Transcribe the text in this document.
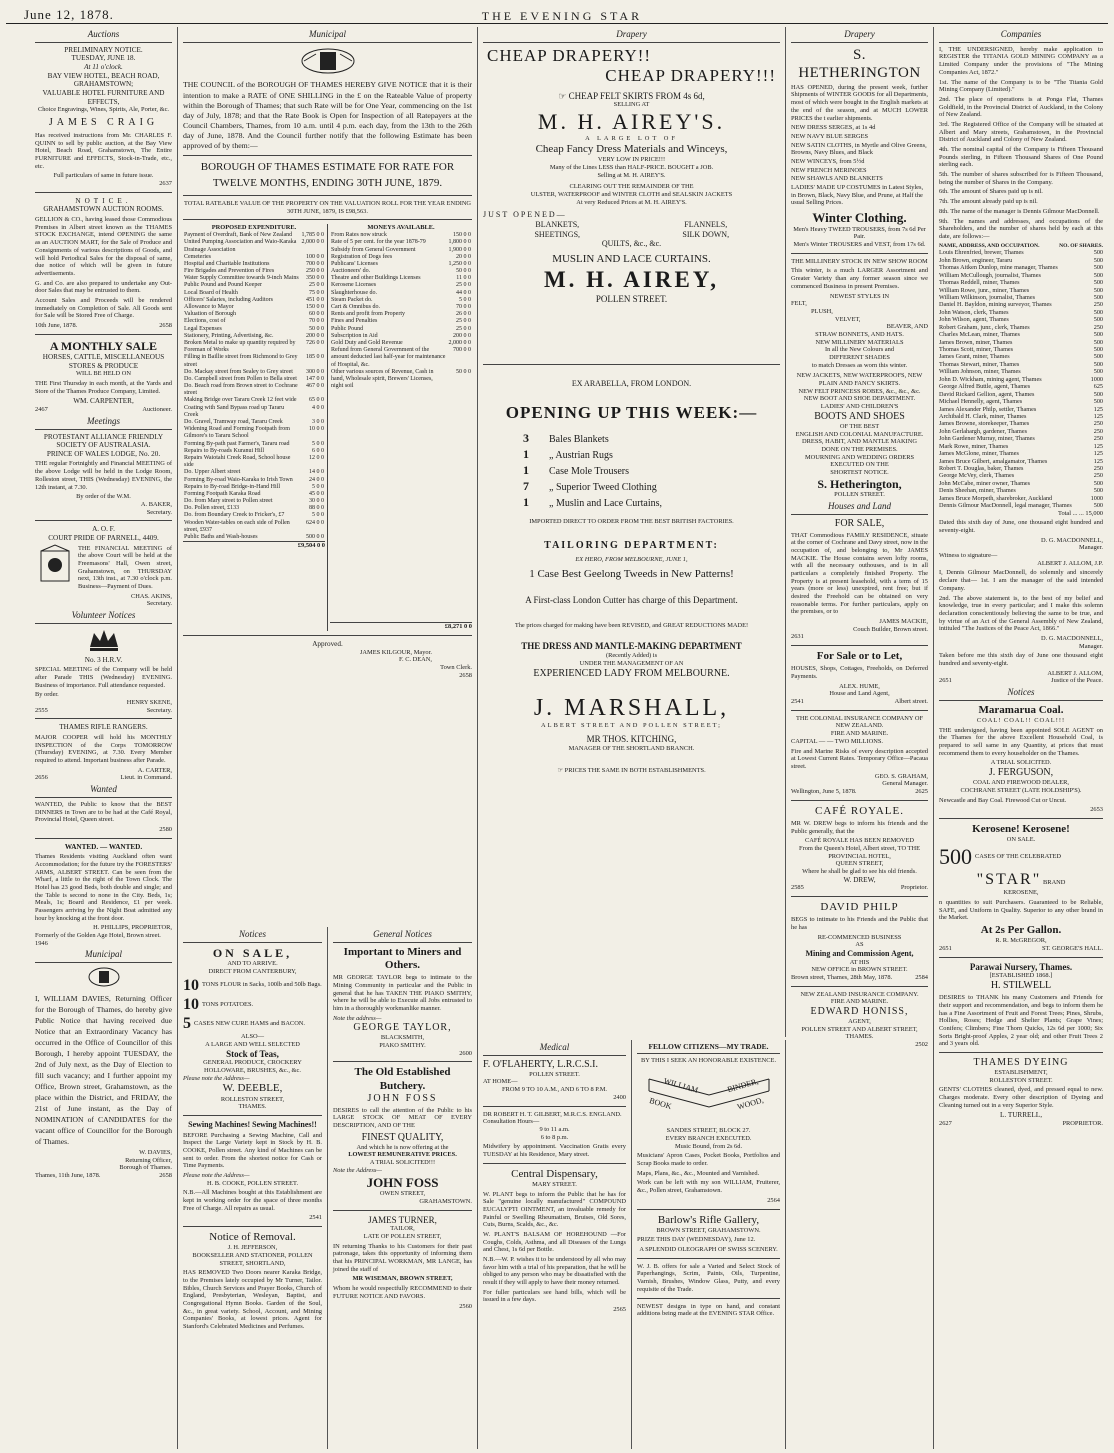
June 12, 1878.	THE EVENING STAR
Auctions
PRELIMINARY NOTICE.
TUESDAY, JUNE 18.
At 11 o'clock.
BAY VIEW HOTEL, BEACH ROAD, GRAHAMSTOWN;
VALUABLE HOTEL FURNITURE AND EFFECTS,
Choice Engravings, Wines, Spirits, Ale, Porter, &c.
JAMES CRAIG
Has received instructions from Mr. CHARLES F. QUINN to sell by public auction, at the Bay View Hotel, Beach Road, Grahamstown, The Entire FURNITURE and EFFECTS, Stock-in-Trade, etc., etc.
Full particulars of same in future issue.
2637
NOTICE.
GRAHAMSTOWN AUCTION ROOMS.
GELLION & CO., having leased those Commodious Premises in Albert street known as the THAMES STOCK EXCHANGE, intend OPENING the same as an AUCTION MART, for the Sale of Produce and Consignments of various descriptions of Goods, and will hold Periodical Sales for the disposal of same, due notice of which will be given in future advertisements.
G. and Co. are also prepared to undertake any Out-door Sales that may be entrusted to them.
Account Sales and Proceeds will be rendered immediately on Completion of Sale. All Goods sent for Sale will be Stored Free of Charge.
10th June, 1878.	2658
A MONTHLY SALE
HORSES, CATTLE, MISCELLANEOUS STORES & PRODUCE
WILL BE HELD ON
THE First Thursday in each month, at the Yards and Store of the Thames Produce Company, Limited.
WM. CARPENTER,
2467	Auctioneer.
Meetings
PROTESTANT ALLIANCE FRIENDLY SOCIETY OF AUSTRALASIA.
PRINCE OF WALES LODGE, No. 20.
THE regular Fortnightly and Financial MEETING of the above Lodge will be held in the Lodge Room, Rolleston street, THIS (Wednesday) EVENING, the 12th instant, at 7.30.
By order of the W.M.
A. BAKER,
Secretary.
A. O. F.
COURT PRIDE OF PARNELL, 4409.
THE FINANCIAL MEETING of the above Court will be held at the Freemasons' Hall, Owen street, Grahamstown, on THURSDAY next, 13th inst., at 7.30 o'clock p.m. Business—Payment of Dues.
CHAS. AKINS,
Secretary.
Volunteer Notices
No. 3 H.R.V.
SPECIAL MEETING of the Company will be held after Parade THIS (Wednesday) EVENING. Business of importance. Full attendance requested.
By order.
HENRY SKENE,
2555	Secretary.
THAMES RIFLE RANGERS.
MAJOR COOPER will hold his MONTHLY INSPECTION of the Corps TOMORROW (Thursday) EVENING, at 7.30. Every Member required to attend. Important business after Parade.
A. CARTER,
2656	Lieut. in Command.
Wanted
WANTED, the Public to know that the BEST DINNERS in Town are to be had at the Café Royal, Provincial Hotel, Queen street.
2580
WANTED. — WANTED.
Thames Residents visiting Auckland often want Accommodation; for the future try the FORESTERS' ARMS, ALBERT STREET. Can be seen from the Wharf, a little to the right of the Town Clock. The Hotel has 23 good Beds, both double and single; and the Table is second to none in the City. Beds, 1s; Meals, 1s; Board and Residence, £1 per week. Passengers arriving by the Night Boat admitted any hour by knocking at the front door.
H. PHILLIPS, PROPRIETOR,
Formerly of the Golden Age Hotel, Brown street.
1946
Municipal
I, WILLIAM DAVIES, Returning Officer for the Borough of Thames, do hereby give Public Notice that having received due Notice that an Extraordinary Vacancy has occurred in the Office of Councillor of this Borough, I hereby appoint TUESDAY, the 2nd of July next, as the Day of Election to fill such vacancy; and I further appoint my Office, Brown street, Grahamstown, as the place within the District, and FRIDAY, the 21st of June instant, as the Day of NOMINATION of CANDIDATES for the vacant office of Councillor for the Borough of Thames.
W. DAVIES,
Returning Officer,
Borough of Thames.
Thames, 11th June, 1878.	2658
Municipal
THE COUNCIL of the BOROUGH OF THAMES HEREBY GIVE NOTICE that it is their intention to make a RATE of ONE SHILLING in the £ on the Rateable Value of property within the Borough of Thames; that such Rate will be for One Year, commencing on the 1st day of July, 1878; and that the Rate Book is Open for Inspection of all Ratepayers at the Council Chambers, Thames, from 10 a.m. until 4 p.m. each day, from the 13th to the 26th day of June, 1878. And the Council further notify that the following Estimate has been approved of by them:—
BOROUGH OF THAMES ESTIMATE FOR RATE FOR TWELVE MONTHS, ENDING 30TH JUNE, 1879.
TOTAL RATEABLE VALUE OF THE PROPERTY ON THE VALUATION ROLL FOR THE YEAR ENDING 30TH JUNE, 1879, IS £98,563.
PROPOSED EXPENDITURE.
Payment of Overdraft, Bank of New Zealand	1,785 0 0
United Pumping Association and Waio-Karaka Drainage Association	2,000 0 0
Cemeteries	100 0 0
Hospital and Charitable Institutions	700 0 0
Fire Brigades and Prevention of Fires	250 0 0
Water Supply Committee towards 9-inch Mains	350 0 0
Public Pound and Pound Keeper	25 0 0
Local Board of Health	75 0 0
Officers' Salaries, including Auditors	451 0 0
Allowance to Mayor	150 0 0
Valuation of Borough	60 0 0
Elections, cost of	70 0 0
Legal Expenses	50 0 0
Stationery, Printing, Advertising, &c.	200 0 0
Broken Metal to make up quantity required by Foreman of Works	726 0 0
Filling in Baillie street from Richmond to Grey street	185 0 0
Do. Mackay street from Sealey to Grey street	300 0 0
Do. Campbell street from Pollen to Bella street	147 0 0
Do. Beach road from Brown street to Cochrane street	467 0 0
Making Bridge over Tararu Creek 12 feet wide	65 0 0
Coating with Sand Bypass road up Tararu Creek	4 0 0
Do. Gravel, Tramway road, Tararu Creek	3 0 0
Widening Road and Forming Footpath from Gilmore's to Tararu School	10 0 0
Forming By-path past Farmer's, Tararu road	5 0 0
Repairs to By-roads Kuranui Hill	6 0 0
Repairs Waiotahi Creek Road, School house side	12 0 0
Do. Upper Albert street	14 0 0
Forming By-road Waio-Karaka to Irish Town	24 0 0
Repairs to By-road Bridge-in-Hand Hill	5 0 0
Forming Footpath Karaka Road	45 0 0
Do. from Mary street to Pollen street	30 0 0
Do. Pollen street, £133	88 0 0
Do. from Boundary Creek to Fricker's, £7	5 0 0
Wooden Water-tables on each side of Pollen street, £937	624 0 0
Public Baths and Wash-houses	500 0 0
£9,504 0 0
MONEYS AVAILABLE.
From Rates now struck	150 0 0
Rate of 5 per cent. for the year 1878-79	1,800 0 0
Subsidy from General Government	1,900 0 0
Registration of Dogs fees	20 0 0
Publicans' Licenses	1,250 0 0
Auctioneers' do.	50 0 0
Theatre and other Buildings Licenses	11 0 0
Kerosene Licenses	25 0 0
Slaughterhouse do.	44 0 0
Steam Packet do.	5 0 0
Cart & Omnibus do.	70 0 0
Rents and profit from Property	26 0 0
Fines and Penalties	25 0 0
Public Pound	25 0 0
Subscription in Aid	200 0 0
Gold Duty and Gold Revenue	2,000 0 0
Refund from General Government of the amount deducted last half-year for maintenance of Hospital, &c.	700 0 0
Other various sources of Revenue, Cash in hand, Wholesale spirit, Brewers' Licenses, night soil	50 0 0
£8,271 0 0
Approved.
JAMES KILGOUR, Mayor.
F. C. DEAN,
Town Clerk.
2658
Notices
ON SALE,
AND TO ARRIVE.
DIRECT FROM CANTERBURY,
10 TONS FLOUR in Sacks, 100lb and 50lb Bags.
10 TONS POTATOES.
5 CASES NEW CURE HAMS and BACON.
ALSO—
A LARGE AND WELL SELECTED
Stock of Teas,
GENERAL PRODUCE, CROCKERY HOLLOWARE, BRUSHES, &c., &c.
Please note the Address—
W. DEEBLE,
ROLLESTON STREET,
THAMES.
Sewing Machines! Sewing Machines!!
BEFORE Purchasing a Sewing Machine, Call and Inspect the Large Variety kept in Stock by H. B. COOKE, Pollen street. Any kind of Machines can be sent to order. From the shortest notice for Cash or Time Payments.
Please note the Address—
H. B. COOKE, POLLEN STREET.
N.B.—All Machines bought at this Establishment are kept in working order for the space of three months Free of Charge. All repairs as usual.
2541
Notice of Removal.
J. H. JEFFERSON,
BOOKSELLER AND STATIONER, POLLEN STREET, SHORTLAND,
HAS REMOVED Two Doors nearer Karaka Bridge, to the Premises lately occupied by Mr Turner, Tailor. Bibles, Church Services and Prayer Books, Church of England, Presbyterian, Wesleyan, Baptist, and Congregational Hymn Books. Garden of the Soul, &c., in great variety. School, Account, and Mining Companies' Books, at lowest prices. Agent for Stanford's Celebrated Medicines and Perfumes.
General Notices
Important to Miners and Others.
MR GEORGE TAYLOR begs to intimate to the Mining Community in particular and the Public in general that he has TAKEN THE PIAKO SMITHY, where he will be able to Execute all Jobs entrusted to him in a thoroughly workmanlike manner.
Note the address—
GEORGE TAYLOR,
BLACKSMITH,
PIAKO SMITHY.
2600
The Old Established Butchery.
JOHN FOSS
DESIRES to call the attention of the Public to his LARGE STOCK OF MEAT OF EVERY DESCRIPTION, AND OF THE
FINEST QUALITY,
And which he is now offering at the
LOWEST REMUNERATIVE PRICES.
A TRIAL SOLICITED!!!
Note the Address—
JOHN FOSS
OWEN STREET,
GRAHAMSTOWN.
JAMES TURNER,
TAILOR,
LATE OF POLLEN STREET,
IN returning Thanks to his Customers for their past patronage, takes this opportunity of informing them that his PRINCIPAL WORKMAN, MR LANGE, has joined the staff of
MR WISEMAN, BROWN STREET,
Whom he would respectfully RECOMMEND to their FUTURE NOTICE AND FAVORS.
2560
Drapery
CHEAP DRAPERY!!
CHEAP DRAPERY!!!
☞ CHEAP FELT SKIRTS FROM 4s 6d,
SELLING AT
M. H. AIREY'S.
A LARGE LOT OF
Cheap Fancy Dress Materials and Winceys,
VERY LOW IN PRICE!!!
Many of the Lines LESS than HALF-PRICE. BOUGHT a JOB.
Selling at M. H. AIREY'S.
CLEARING OUT THE REMAINDER OF THE
ULSTER, WATERPROOF and WINTER CLOTH and SEALSKIN JACKETS
At very Reduced Prices at M. H. AIREY'S.
JUST OPENED—
BLANKETS,	FLANNELS,
SHEETINGS,	SILK DOWN,
QUILTS, &c., &c.
MUSLIN AND LACE CURTAINS.
M. H. AIREY,
POLLEN STREET.
EX ARABELLA, FROM LONDON.
OPENING UP THIS WEEK:—
3 Bales Blankets
1 „ Austrian Rugs
1 Case Mole Trousers
7 „ Superior Tweed Clothing
1 „ Muslin and Lace Curtains,
IMPORTED DIRECT TO ORDER FROM THE BEST BRITISH FACTORIES.
TAILORING DEPARTMENT:
EX HERO, FROM MELBOURNE, JUNE 1,
1 Case Best Geelong Tweeds in New Patterns!
A First-class London Cutter has charge of this Department.
The prices charged for making have been REVISED, and GREAT REDUCTIONS MADE!
THE DRESS AND MANTLE-MAKING DEPARTMENT
(Recently Added) is
UNDER THE MANAGEMENT OF AN
EXPERIENCED LADY FROM MELBOURNE.
J. MARSHALL,
ALBERT STREET AND POLLEN STREET;
MR THOS. KITCHING,
MANAGER OF THE SHORTLAND BRANCH.
☞ PRICES THE SAME IN BOTH ESTABLISHMENTS.
Medical
F. O'FLAHERTY, L.R.C.S.I.
POLLEN STREET.
AT HOME—
FROM 9 TO 10 A.M., AND 6 TO 8 P.M.
2400
DR ROBERT H. T. GILBERT, M.R.C.S. ENGLAND.
Consultation Hours—
9 to 11 a.m.
6 to 8 p.m.
Midwifery by appointment. Vaccination Gratis every TUESDAY at his Residence, Mary street.
Central Dispensary,
MARY STREET.
W. PLANT begs to inform the Public that he has for Sale "genuine locally manufactured" COMPOUND EUCALYPTI OINTMENT, an invaluable remedy for Painful or Swelling Rheumatism, Bruises, Old Sores, Cuts, Burns, Scalds, &c., &c.
W. PLANT'S BALSAM OF HOREHOUND —For Coughs, Colds, Asthma, and all Diseases of the Lungs and Chest, 1s 6d per Bottle.
N.B.—W. P. wishes it to be understood by all who may favor him with a trial of his preparation, that he will be obliged to any person who may be dissatisfied with the result if they will apply to have their money returned.
For fuller particulars see hand bills, which will be issued in a few days.
2565
FELLOW CITIZENS—MY TRADE.
BY THIS I SEEK AN HONORABLE EXISTENCE.
WILLIAM	BINDER,
BOOK	WOOD,
SANDES STREET, BLOCK 27.
EVERY BRANCH EXECUTED.
Music Bound, from 2s 6d.
Musicians' Apron Cases, Pocket Books, Portfolios and Scrap Books made to order.
Maps, Plans, &c., &c., Mounted and Varnished.
Work can be left with my son WILLIAM, Fruiterer, &c., Pollen street, Grahamstown.
2564
Barlow's Rifle Gallery,
BROWN STREET, GRAHAMSTOWN.
PRIZE THIS DAY (WEDNESDAY), June 12.
A SPLENDID OLEOGRAPH OF SWISS SCENERY.
W. J. B. offers for sale a Varied and Select Stock of Paperhangings, Scrim, Paints, Oils, Turpentine, Varnish, Brushes, Window Glass, Putty, and every requisite of the Trade.
NEWEST designs in type on hand, and constant additions being made at the EVENING STAR Office.
Drapery
S. HETHERINGTON
HAS OPENED, during the present week, further Shipments of WINTER GOODS for all Departments, most of which were bought in the English markets at the end of the season, and at MUCH LOWER PRICES the t earlier shipments.
NEW DRESS SERGES, at 1s 4d
NEW NAVY BLUE SERGES
NEW SATIN CLOTHS, in Myrtle and Olive Greens, Browns, Navy Blues, and Black
NEW WINCEYS, from 5½d
NEW FRENCH MERINOES
NEW SHAWLS AND BLANKETS
LADIES' MADE UP COSTUMES in Latest Styles, in Brown, Black, Navy Blue, and Prune, at Half the usual Selling Prices.
Winter Clothing.
Men's Heavy TWEED TROUSERS, from 7s 6d Per Pair.
Men's Winter TROUSERS and VEST, from 17s 6d.
THE MILLINERY STOCK IN NEW SHOW ROOM
This winter, is a much LARGER Assortment and Greater Variety than any former season since we commenced Business in present Premises.
NEWEST STYLES IN
FELT,
PLUSH,
VELVET,
BEAVER, AND
STRAW BONNETS, AND HATS.
NEW MILLINERY MATERIALS
In all the New Colours and
DIFFERENT SHADES
to match Dresses as worn this winter.
NEW JACKETS, NEW WATERPROOFS, NEW PLAIN AND FANCY SKIRTS.
NEW FELT PRINCESS ROBES, &c., &c., &c.
NEW BOOT AND SHOE DEPARTMENT.
LADIES' AND CHILDREN'S
BOOTS AND SHOES
OF THE BEST
ENGLISH AND COLONIAL MANUFACTURE.
DRESS, HABIT, AND MANTLE MAKING
DONE ON THE PREMISES.
MOURNING AND WEDDING ORDERS EXECUTED ON THE
SHORTEST NOTICE.
S. Hetherington,
POLLEN STREET.
Houses and Land
FOR SALE,
THAT Commodious FAMILY RESIDENCE, situate at the corner of Cochrane and Davy street, now in the occupation of, and belonging to, Mr JAMES MACKIE. The House contains seven lofty rooms, with all the necessary outhouses, and is in all particulars a completely finished Property. The Property is at present leasehold, with a term of 15 years (more or less) unexpired, rent free; but if desired the Freehold can be obtained on very reasonable terms. For further particulars, apply on the premises, or to
JAMES MACKIE,
Couch Builder, Brown street.
2631
For Sale or to Let,
HOUSES, Shops, Cottages, Freeholds, on Deferred Payments.
ALEX. HUME,
House and Land Agent,
2541	Albert street.
THE COLONIAL INSURANCE COMPANY OF NEW ZEALAND.
FIRE AND MARINE.
CAPITAL — — TWO MILLIONS.
Fire and Marine Risks of every description accepted at Lowest Current Rates. Temporary Office—Pacaua street.
GEO. S. GRAHAM,
General Manager.
Wellington, June 5, 1878.	2625
CAFÉ ROYALE.
MR W. DREW begs to inform his friends and the Public generally, that the
CAFÉ ROYALE HAS BEEN REMOVED
From the Queen's Hotel, Albert street, TO THE PROVINCIAL HOTEL,
QUEEN STREET,
Where he shall be glad to see his old friends.
W. DREW,
2585	Proprietor.
DAVID PHILP
BEGS to intimate to his Friends and the Public that he has
RE-COMMENCED BUSINESS
AS
Mining and Commission Agent,
AT HIS
NEW OFFICE in BROWN STREET.
Brown street, Thames, 28th May, 1878.	2584
NEW ZEALAND INSURANCE COMPANY.
FIRE AND MARINE.
EDWARD HONISS,
AGENT,
POLLEN STREET AND ALBERT STREET, THAMES.
2502
Companies
I, THE UNDERSIGNED, hereby make application to REGISTER the TITANIA GOLD MINING COMPANY as a Limited Company under the provisions of "The Mining Companies Act, 1872."
1st. The name of the Company is to be "The Titania Gold Mining Company (Limited)."
2nd. The place of operations is at Ponga Flat, Thames Goldfield, in the Provincial District of Auckland, in the Colony of New Zealand.
3rd. The Registered Office of the Company will be situated at Albert and Mary streets, Grahamstown, in the Provincial District of Auckland and Colony of New Zealand.
4th. The nominal capital of the Company is Fifteen Thousand Pounds sterling, in Fifteen Thousand Shares of One Pound sterling each.
5th. The number of shares subscribed for is Fifteen Thousand, being the number of Shares in the Company.
6th. The amount of Shares paid up is nil.
7th. The amount already paid up is nil.
8th. The name of the manager is Dennis Gilmour MacDonnell.
9th. The names and addresses, and occupations of the Shareholders, and the number of shares held by each at this date, are follows:—
NAME, ADDRESS, AND OCCUPATION.	NO. OF SHARES.
Louis Ehrenfried, brewer, Thames	500
John Brown, engineer, Tararu	500
Thomas Aitken Dunlop, mine manager, Thames	500
William McCullough, journalist, Thames	500
Thomas Reddell, miner, Thames	500
William Rowe, junr., miner, Thames	500
William Wilkinson, journalist, Thames	500
Daniel H. Bayldon, mining surveyor, Thames	250
John Watson, clerk, Thames	500
John Wilson, agent, Thames	500
Robert Graham, junr., clerk, Thames	250
Charles McLean, miner, Thames	500
James Brown, miner, Thames	500
Thomas Scott, miner, Thames	500
James Grant, miner, Thames	500
Thomas Stewart, miner, Thames	500
William Johnson, miner, Thames	500
John D. Wickham, mining agent, Thames	1000
George Alfred Buttle, agent, Thames	625
David Rickard Gellion, agent, Thames	500
Michael Hennelly, agent, Thames	500
James Alexander Philp, settler, Thames	125
Archibald H. Clark, miner, Thames	125
James Browne, storekeeper, Thames	250
John Gerlahargh, gardener, Thames	250
John Gardener Murray, miner, Thames	250
Mark Rowe, miner, Thames	125
James McGlone, miner, Thames	125
James Bruce Gilbert, amalgamator, Thames	125
Robert T. Douglas, baker, Thames	250
George McVey, clerk, Thames	250
John McCabe, miner owner, Thames	500
Denis Sheehan, miner, Thames	500
James Bruce Morpeth, sharebroker, Auckland	1000
Dennis Gilmour MacDonnell, legal manager, Thames	500
Total ... ... 15,000
Dated this sixth day of June, one thousand eight hundred and seventy-eight.
D. G. MACDONNELL,
Manager.
Witness to signature—
ALBERT J. ALLOM, J.P.
I, Dennis Gilmour MacDonnell, do solemnly and sincerely declare that— 1st. I am the manager of the said intended Company.
2nd. The above statement is, to the best of my belief and knowledge, true in every particular; and I make this solemn declaration conscientiously believing the same to be true, and by virtue of an Act of the General Assembly of New Zealand, intituled "The Justices of the Peace Act, 1866."
D. G. MACDONNELL,
Manager.
Taken before me this sixth day of June one thousand eight hundred and seventy-eight.
ALBERT J. ALLOM,
2651	Justice of the Peace.
Notices
Maramarua Coal.
COAL! COAL!! COAL!!!
THE undersigned, having been appointed SOLE AGENT on the Thames for the above Excellent Household Coal, is prepared to sell same in any Quantity, at prices that must recommend them to every householder on the Thames.
A TRIAL SOLICITED.
J. FERGUSON,
COAL AND FIREWOOD DEALER,
COCHRANE STREET (LATE HOLDSHIP'S).
Newcastle and Bay Coal. Firewood Cut or Uncut.
2653
Kerosene! Kerosene!
ON SALE.
500 CASES OF THE CELEBRATED
"STAR" BRAND
KEROSENE,
n quantities to suit Purchasers. Guaranteed to be Reliable, SAFE, and Uniform in Quality. Superior to any other brand in the Market.
At 2s Per Gallon.
R. R. McGREGOR,
2651	ST. GEORGE'S HALL.
Parawai Nursery, Thames.
[ESTABLISHED 1868.]
H. STILWELL
DESIRES to THANK his many Customers and Friends for their support and recommendation, and begs to inform them he has a Fine Assortment of Fruit and Forest Trees; Pines, Shrubs, Hollies, Roses; Hedge and Shelter Plants; Grape Vines; Conifers; Climbers; Fine Thorn Quicks, 12s 6d per 1000; Six Sorts Bright-proof Apples, 2 year old; and other Fruit Trees 2 and 3 years old.
THAMES DYEING
ESTABLISHMENT,
ROLLESTON STREET.
GENTS' CLOTHES cleaned, dyed, and pressed equal to new. Charges moderate. Every other description of Dyeing and Cleaning turned out in a very Superior Style.
L. TURRELL,
2627	PROPRIETOR.
